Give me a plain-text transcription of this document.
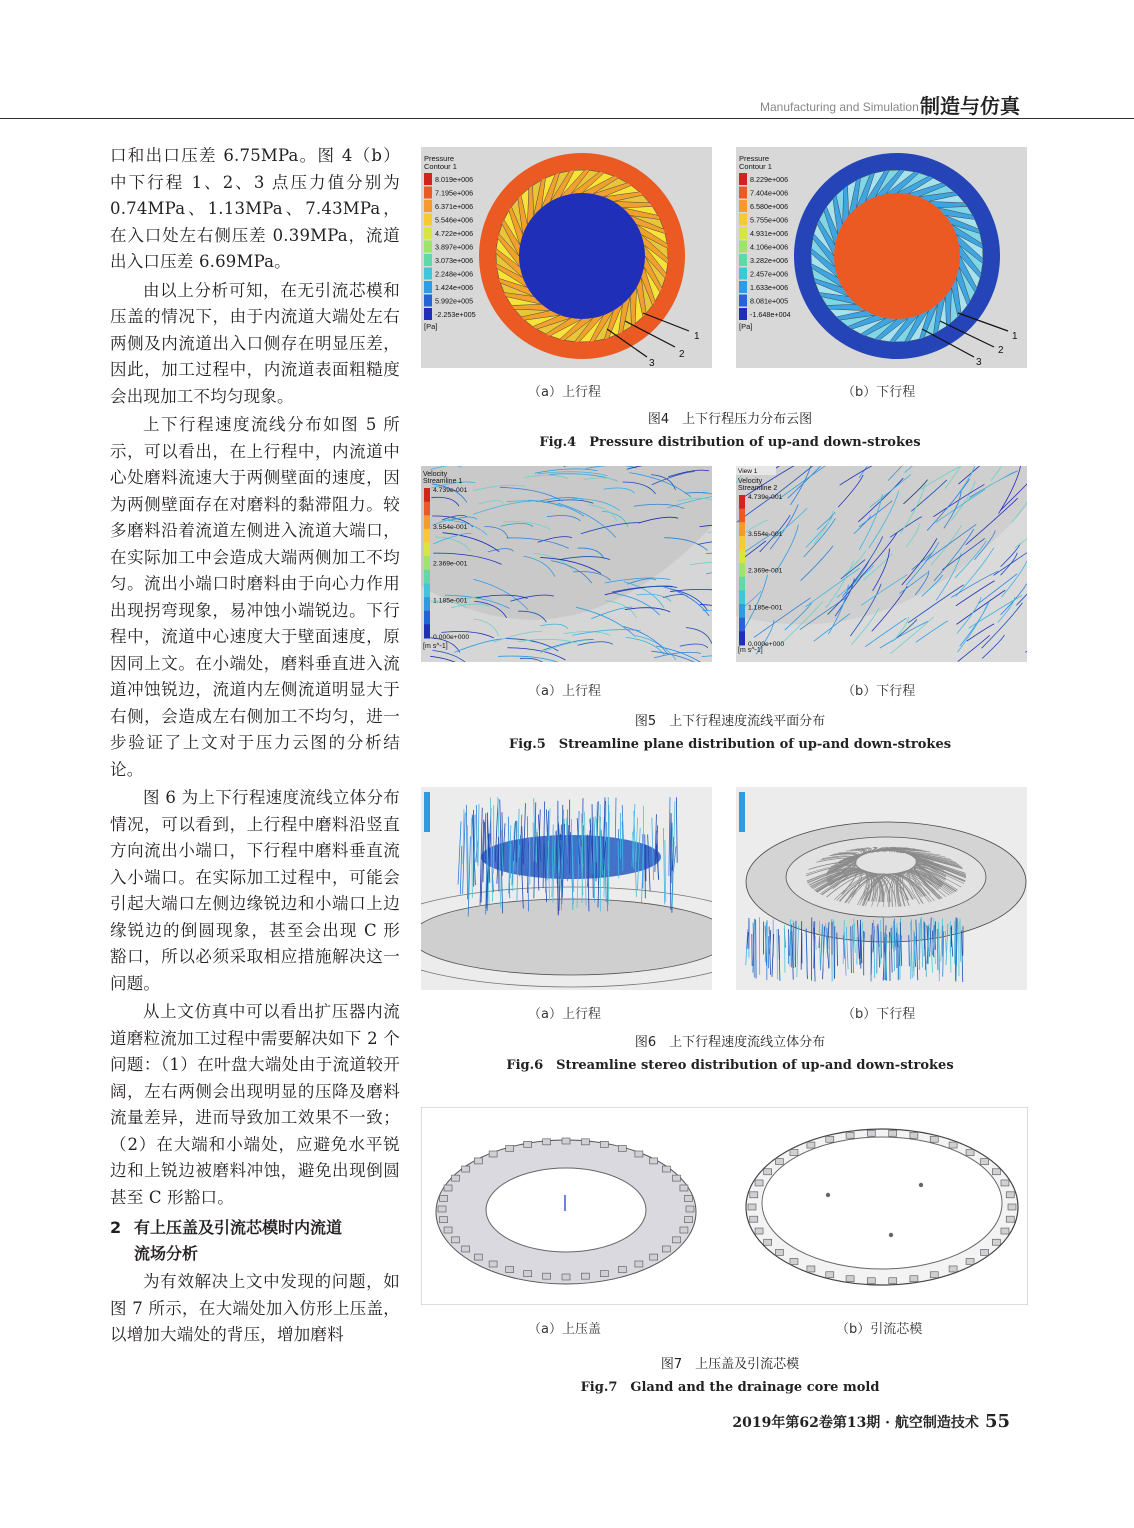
Manufacturing and Simulation 制造与仿真

口和出口压差 6.75MPa。图 4（b）中下行程 1、2、3 点压力值分别为 0.74MPa、1.13MPa、7.43MPa，在入口处左右侧压差 0.39MPa，流道出入口压差 6.69MPa。

由以上分析可知，在无引流芯模和压盖的情况下，由于内流道大端处左右两侧及内流道出入口侧存在明显压差，因此，加工过程中，内流道表面粗糙度会出现加工不均匀现象。

上下行程速度流线分布如图 5 所示，可以看出，在上行程中，内流道中心处磨料流速大于两侧壁面的速度，因为两侧壁面存在对磨料的黏滞阻力。较多磨料沿着流道左侧进入流道大端口，在实际加工中会造成大端两侧加工不均匀。流出小端口时磨料由于向心力作用出现拐弯现象，易冲蚀小端锐边。下行程中，流道中心速度大于壁面速度，原因同上文。在小端处，磨料垂直进入流道冲蚀锐边，流道内左侧流道明显大于右侧，会造成左右侧加工不均匀，进一步验证了上文对于压力云图的分析结论。

图 6 为上下行程速度流线立体分布情况，可以看到，上行程中磨料沿竖直方向流出小端口，下行程中磨料垂直流入小端口。在实际加工过程中，可能会引起大端口左侧边缘锐边和小端口上边缘锐边的倒圆现象，甚至会出现 C 形豁口，所以必须采取相应措施解决这一问题。

从上文仿真中可以看出扩压器内流道磨粒流加工过程中需要解决如下 2 个问题：（1）在叶盘大端处由于流道较开阔，左右两侧会出现明显的压降及磨料流量差异，进而导致加工效果不一致；（2）在大端和小端处，应避免水平锐边和上锐边被磨料冲蚀，避免出现倒圆甚至 C 形豁口。

2 有上压盖及引流芯模时内流道
流场分析

为有效解决上文中发现的问题，如图 7 所示，在大端处加入仿形上压盖，以增加大端处的背压，增加磨料

Pressure
Contour 1
8.019e+006
7.195e+006
6.371e+006
5.546e+006
4.722e+006
3.897e+006
3.073e+006
2.248e+006
1.424e+006
5.992e+005
-2.253e+005
[Pa]
1
2
3
Pressure
Contour 1
8.229e+006
7.404e+006
6.580e+006
5.755e+006
4.931e+006
4.106e+006
3.282e+006
2.457e+006
1.633e+006
8.081e+005
-1.648e+004
[Pa]
1
2
3
（a）上行程	（b）下行程
图4　上下行程压力分布云图
Fig.4　Pressure distribution of up-and down-strokes
Velocity
Streamline 1
4.739e-001
3.554e-001
2.369e-001
1.185e-001
0.000e+000
[m s^-1]
View 1
Velocity
Streamline 2
4.739e-001
3.554e-001
2.369e-001
1.185e-001
0.000e+000
[m s^-1]
（a）上行程	（b）下行程
图5　上下行程速度流线平面分布
Fig.5　Streamline plane distribution of up-and down-strokes
（a）上行程	（b）下行程
图6　上下行程速度流线立体分布
Fig.6　Streamline stereo distribution of up-and down-strokes
（a）上压盖	（b）引流芯模
图7　上压盖及引流芯模
Fig.7　Gland and the drainage core mold
2019年第62卷第13期 · 航空制造技术 55
